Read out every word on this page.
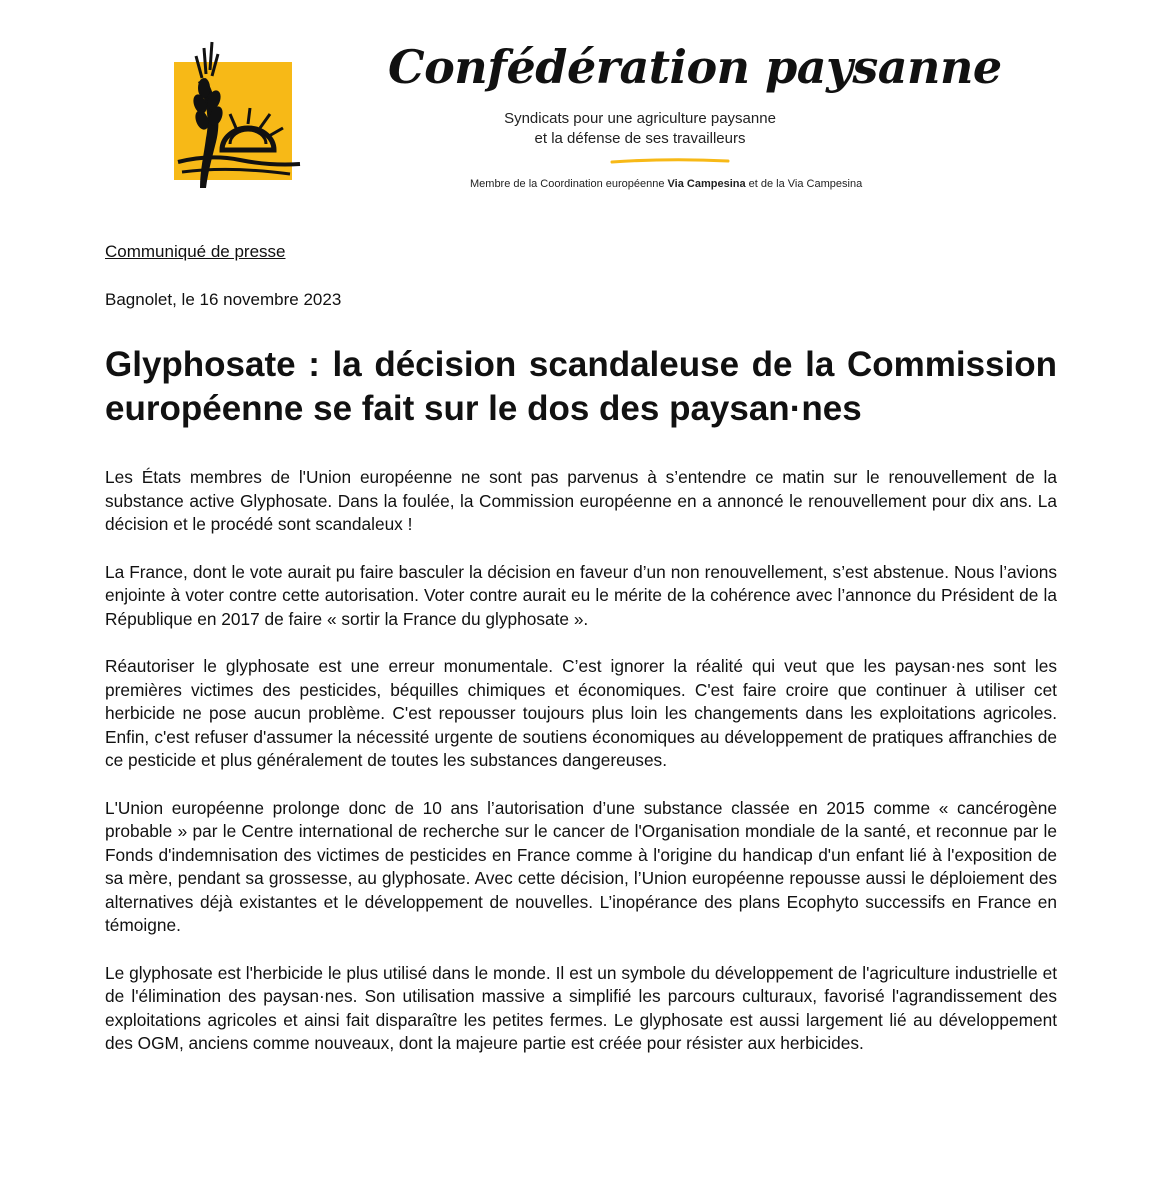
Confédération paysanne
Syndicats pour une agriculture paysanne
et la défense de ses travailleurs
Membre de la Coordination européenne Via Campesina et de la Via Campesina
Communiqué de presse
Bagnolet, le 16 novembre 2023
Glyphosate : la décision scandaleuse de la Commission européenne se fait sur le dos des paysan·nes

Les États membres de l'Union européenne ne sont pas parvenus à s’entendre ce matin sur le renouvellement de la substance active Glyphosate. Dans la foulée, la Commission européenne en a annoncé le renouvellement pour dix ans. La décision et le procédé sont scandaleux !

La France, dont le vote aurait pu faire basculer la décision en faveur d’un non renouvellement, s’est abstenue. Nous l’avions enjointe à voter contre cette autorisation. Voter contre aurait eu le mérite de la cohérence avec l’annonce du Président de la République en 2017 de faire « sortir la France du glyphosate ».

Réautoriser le glyphosate est une erreur monumentale. C’est ignorer la réalité qui veut que les paysan·nes sont les premières victimes des pesticides, béquilles chimiques et économiques. C'est faire croire que continuer à utiliser cet herbicide ne pose aucun problème. C'est repousser toujours plus loin les changements dans les exploitations agricoles. Enfin, c'est refuser d'assumer la nécessité urgente de soutiens économiques au développement de pratiques affranchies de ce pesticide et plus généralement de toutes les substances dangereuses.

L'Union européenne prolonge donc de 10 ans l’autorisation d’une substance classée en 2015 comme « cancérogène probable » par le Centre international de recherche sur le cancer de l'Organisation mondiale de la santé, et reconnue par le Fonds d'indemnisation des victimes de pesticides en France comme à l'origine du handicap d'un enfant lié à l'exposition de sa mère, pendant sa grossesse, au glyphosate. Avec cette décision, l’Union européenne repousse aussi le déploiement des alternatives déjà existantes et le développement de nouvelles. L’inopérance des plans Ecophyto successifs en France en témoigne.

Le glyphosate est l'herbicide le plus utilisé dans le monde. Il est un symbole du développement de l'agriculture industrielle et de l'élimination des paysan·nes. Son utilisation massive a simplifié les parcours culturaux, favorisé l'agrandissement des exploitations agricoles et ainsi fait disparaître les petites fermes. Le glyphosate est aussi largement lié au développement des OGM, anciens comme nouveaux, dont la majeure partie est créée pour résister aux herbicides.
